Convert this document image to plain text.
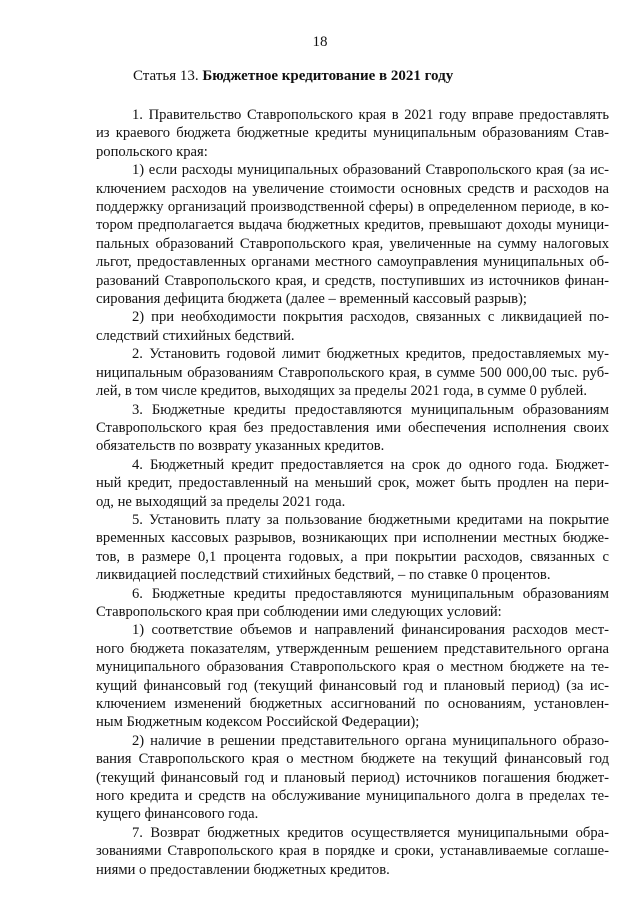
18
Статья 13. Бюджетное кредитование в 2021 году
1. Правительство Ставропольского края в 2021 году вправе предоставлять
из краевого бюджета бюджетные кредиты муниципальным образованиям Став-
ропольского края:
1) если расходы муниципальных образований Ставропольского края (за ис-
ключением расходов на увеличение стоимости основных средств и расходов на
поддержку организаций производственной сферы) в определенном периоде, в ко-
тором предполагается выдача бюджетных кредитов, превышают доходы муници-
пальных образований Ставропольского края, увеличенные на сумму налоговых
льгот, предоставленных органами местного самоуправления муниципальных об-
разований Ставропольского края, и средств, поступивших из источников финан-
сирования дефицита бюджета (далее – временный кассовый разрыв);
2) при необходимости покрытия расходов, связанных с ликвидацией по-
следствий стихийных бедствий.
2. Установить годовой лимит бюджетных кредитов, предоставляемых му-
ниципальным образованиям Ставропольского края, в сумме 500 000,00 тыс. руб-
лей, в том числе кредитов, выходящих за пределы 2021 года, в сумме 0 рублей.
3. Бюджетные кредиты предоставляются муниципальным образованиям
Ставропольского края без предоставления ими обеспечения исполнения своих
обязательств по возврату указанных кредитов.
4. Бюджетный кредит предоставляется на срок до одного года. Бюджет-
ный кредит, предоставленный на меньший срок, может быть продлен на пери-
од, не выходящий за пределы 2021 года.
5. Установить плату за пользование бюджетными кредитами на покрытие
временных кассовых разрывов, возникающих при исполнении местных бюдже-
тов, в размере 0,1 процента годовых, а при покрытии расходов, связанных с
ликвидацией последствий стихийных бедствий, – по ставке 0 процентов.
6. Бюджетные кредиты предоставляются муниципальным образованиям
Ставропольского края при соблюдении ими следующих условий:
1) соответствие объемов и направлений финансирования расходов мест-
ного бюджета показателям, утвержденным решением представительного органа
муниципального образования Ставропольского края о местном бюджете на те-
кущий финансовый год (текущий финансовый год и плановый период) (за ис-
ключением изменений бюджетных ассигнований по основаниям, установлен-
ным Бюджетным кодексом Российской Федерации);
2) наличие в решении представительного органа муниципального образо-
вания Ставропольского края о местном бюджете на текущий финансовый год
(текущий финансовый год и плановый период) источников погашения бюджет-
ного кредита и средств на обслуживание муниципального долга в пределах те-
кущего финансового года.
7. Возврат бюджетных кредитов осуществляется муниципальными обра-
зованиями Ставропольского края в порядке и сроки, устанавливаемые соглаше-
ниями о предоставлении бюджетных кредитов.
